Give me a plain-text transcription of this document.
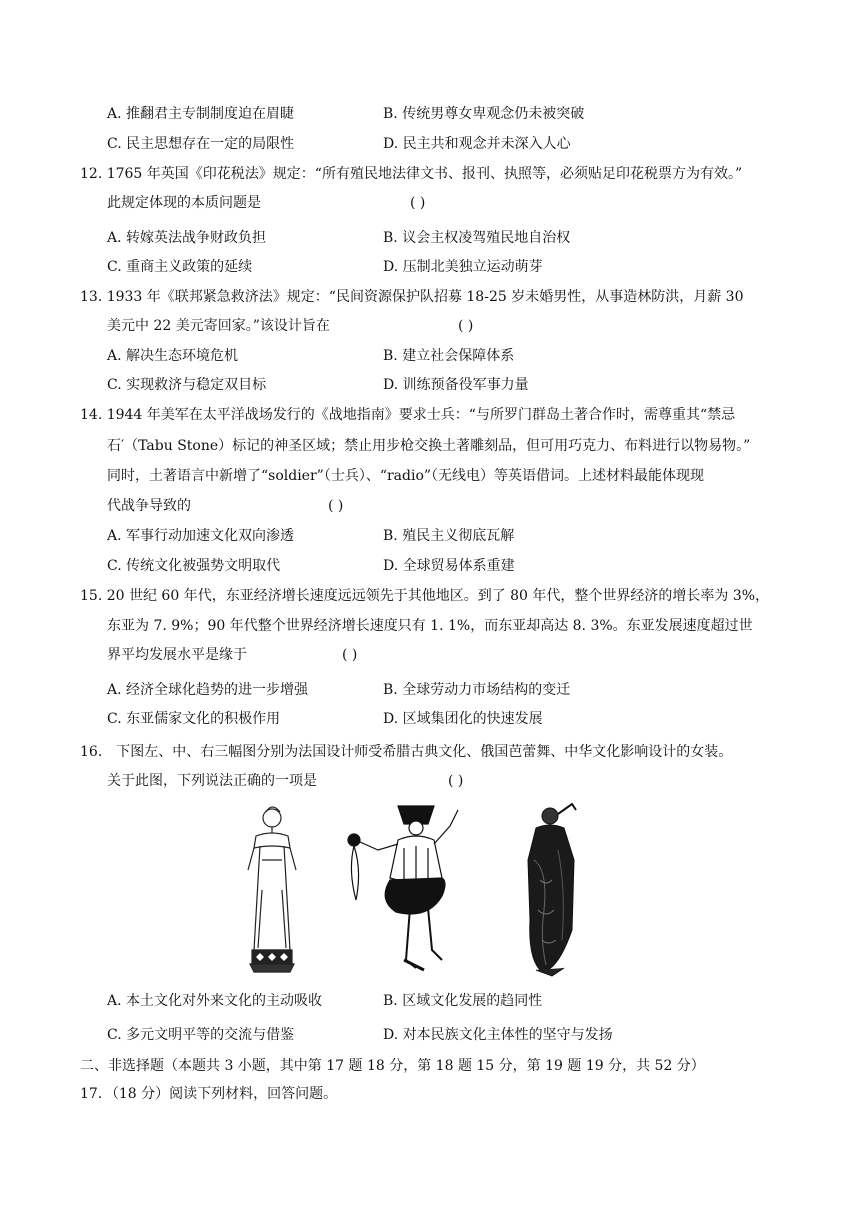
A. 推翻君主专制制度迫在眉睫	B. 传统男尊女卑观念仍未被突破
C. 民主思想存在一定的局限性	D. 民主共和观念并未深入人心
12. 1765 年英国《印花税法》规定：“所有殖民地法律文书、报刊、执照等，必须贴足印花税票方为有效。”
此规定体现的本质问题是	( )
A. 转嫁英法战争财政负担	B. 议会主权凌驾殖民地自治权
C. 重商主义政策的延续	D. 压制北美独立运动萌芽
13. 1933 年《联邦紧急救济法》规定：“民间资源保护队招募 18-25 岁未婚男性，从事造林防洪，月薪 30
美元中 22 美元寄回家。”该设计旨在	( )
A. 解决生态环境危机	B. 建立社会保障体系
C. 实现救济与稳定双目标	D. 训练预备役军事力量
14. 1944 年美军在太平洋战场发行的《战地指南》要求士兵：“与所罗门群岛土著合作时，需尊重其“禁忌
石′（Tabu Stone）标记的神圣区域；禁止用步枪交换土著雕刻品，但可用巧克力、布料进行以物易物。”
同时，土著语言中新增了“soldier”（士兵）、“radio”（无线电）等英语借词。上述材料最能体现现
代战争导致的	( )
A. 军事行动加速文化双向渗透	B. 殖民主义彻底瓦解
C. 传统文化被强势文明取代	D. 全球贸易体系重建
15. 20 世纪 60 年代，东亚经济增长速度远远领先于其他地区。到了 80 年代，整个世界经济的增长率为 3%，
东亚为 7. 9%；90 年代整个世界经济增长速度只有 1. 1%，而东亚却高达 8. 3%。东亚发展速度超过世
界平均发展水平是缘于	( )
A. 经济全球化趋势的进一步增强	B. 全球劳动力市场结构的变迁
C. 东亚儒家文化的积极作用	D. 区域集团化的快速发展
16． 下图左、中、右三幅图分别为法国设计师受希腊古典文化、俄国芭蕾舞、中华文化影响设计的女装。
关于此图，下列说法正确的一项是	( )
A. 本土文化对外来文化的主动吸收	B. 区域文化发展的趋同性
C. 多元文明平等的交流与借鉴	D. 对本民族文化主体性的坚守与发扬
二、非选择题（本题共 3 小题，其中第 17 题 18 分，第 18 题 15 分，第 19 题 19 分，共 52 分）
17．（18 分）阅读下列材料，回答问题。
